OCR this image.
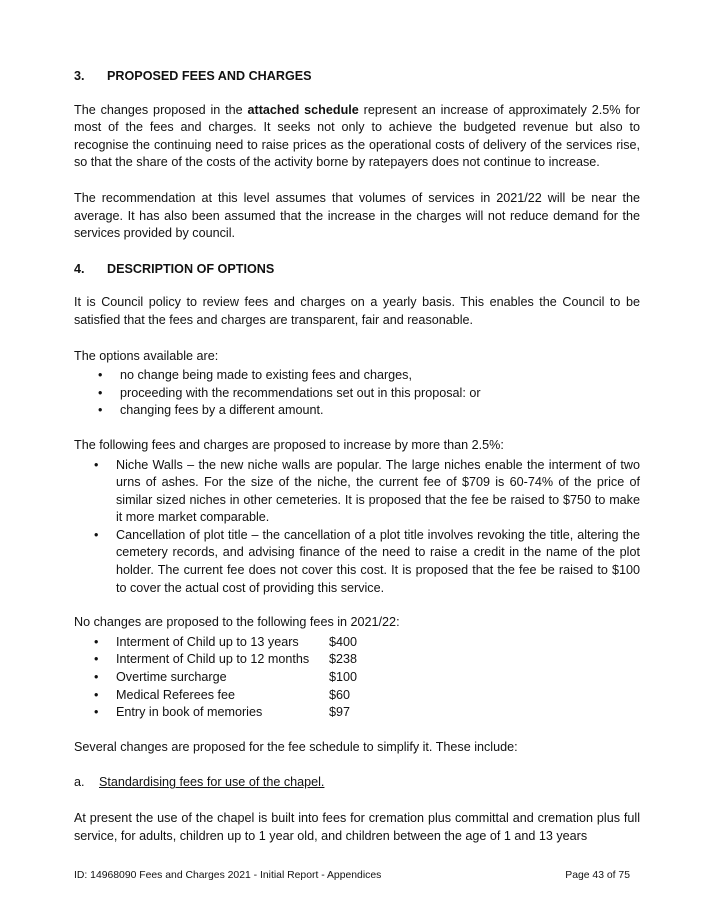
3. PROPOSED FEES AND CHARGES

The changes proposed in the attached schedule represent an increase of approximately 2.5% for most of the fees and charges. It seeks not only to achieve the budgeted revenue but also to recognise the continuing need to raise prices as the operational costs of delivery of the services rise, so that the share of the costs of the activity borne by ratepayers does not continue to increase.

The recommendation at this level assumes that volumes of services in 2021/22 will be near the average. It has also been assumed that the increase in the charges will not reduce demand for the services provided by council.

4. DESCRIPTION OF OPTIONS

It is Council policy to review fees and charges on a yearly basis. This enables the Council to be satisfied that the fees and charges are transparent, fair and reasonable.

The options available are:

• no change being made to existing fees and charges,
• proceeding with the recommendations set out in this proposal: or
• changing fees by a different amount.

The following fees and charges are proposed to increase by more than 2.5%:

• Niche Walls – the new niche walls are popular. The large niches enable the interment of two urns of ashes. For the size of the niche, the current fee of $709 is 60-74% of the price of similar sized niches in other cemeteries. It is proposed that the fee be raised to $750 to make it more market comparable.
• Cancellation of plot title – the cancellation of a plot title involves revoking the title, altering the cemetery records, and advising finance of the need to raise a credit in the name of the plot holder. The current fee does not cover this cost. It is proposed that the fee be raised to $100 to cover the actual cost of providing this service.

No changes are proposed to the following fees in 2021/22:

• Interment of Child up to 13 years	$400
• Interment of Child up to 12 months	$238
• Overtime surcharge	$100
• Medical Referees fee	$60
• Entry in book of memories	$97

Several changes are proposed for the fee schedule to simplify it. These include:

a. Standardising fees for use of the chapel.

At present the use of the chapel is built into fees for cremation plus committal and cremation plus full service, for adults, children up to 1 year old, and children between the age of 1 and 13 years

ID: 14968090 Fees and Charges 2021 - Initial Report - Appendices	Page 43 of 75
